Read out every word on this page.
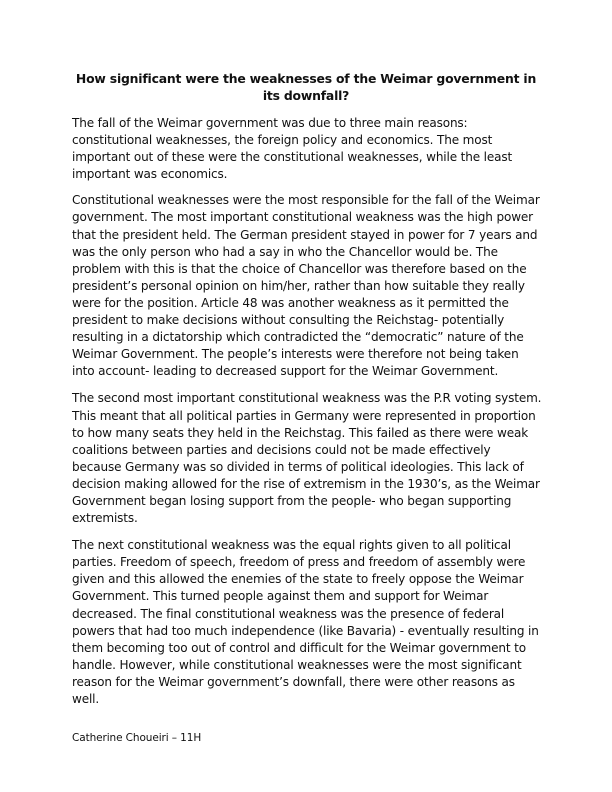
How significant were the weaknesses of the Weimar government in its downfall?

The fall of the Weimar government was due to three main reasons: constitutional weaknesses, the foreign policy and economics. The most important out of these were the constitutional weaknesses, while the least important was economics.

Constitutional weaknesses were the most responsible for the fall of the Weimar government. The most important constitutional weakness was the high power that the president held. The German president stayed in power for 7 years and was the only person who had a say in who the Chancellor would be. The problem with this is that the choice of Chancellor was therefore based on the president’s personal opinion on him/her, rather than how suitable they really were for the position. Article 48 was another weakness as it permitted the president to make decisions without consulting the Reichstag- potentially resulting in a dictatorship which contradicted the “democratic” nature of the Weimar Government. The people’s interests were therefore not being taken into account- leading to decreased support for the Weimar Government.

The second most important constitutional weakness was the P.R voting system. This meant that all political parties in Germany were represented in proportion to how many seats they held in the Reichstag. This failed as there were weak coalitions between parties and decisions could not be made effectively because Germany was so divided in terms of political ideologies. This lack of decision making allowed for the rise of extremism in the 1930’s, as the Weimar Government began losing support from the people- who began supporting extremists.

The next constitutional weakness was the equal rights given to all political parties. Freedom of speech, freedom of press and freedom of assembly were given and this allowed the enemies of the state to freely oppose the Weimar Government. This turned people against them and support for Weimar decreased. The final constitutional weakness was the presence of federal powers that had too much independence (like Bavaria) - eventually resulting in them becoming too out of control and difficult for the Weimar government to handle. However, while constitutional weaknesses were the most significant reason for the Weimar government’s downfall, there were other reasons as well.

Catherine Choueiri – 11H
